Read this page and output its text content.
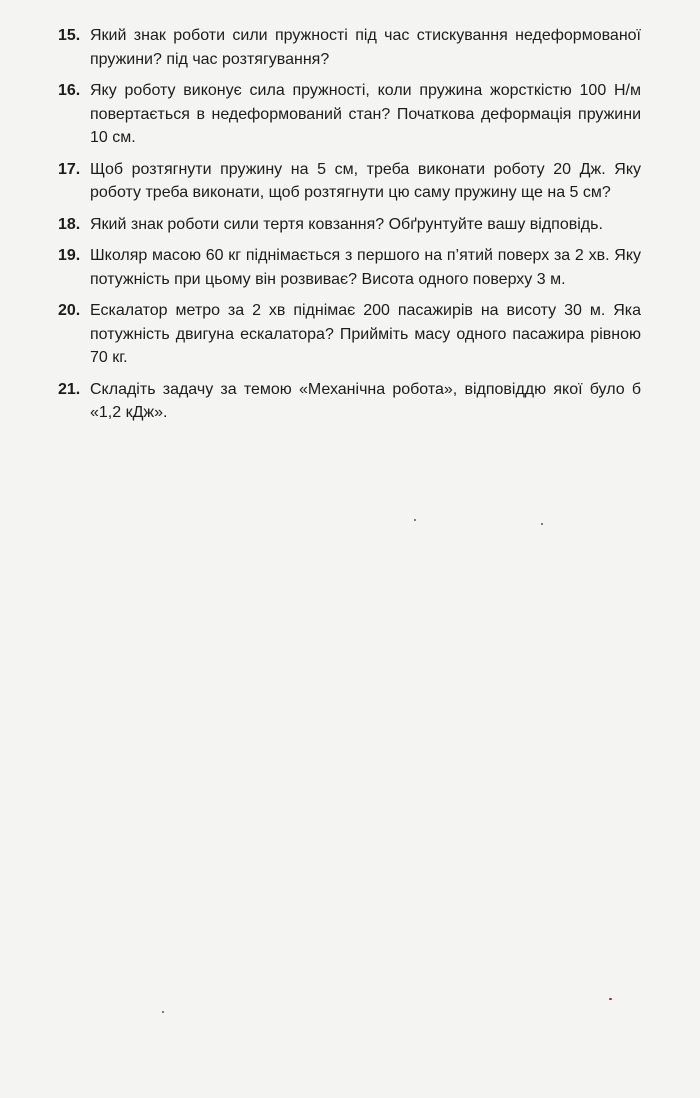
15. Який знак роботи сили пружності під час стискування недеформованої пружини? під час розтягування?
16. Яку роботу виконує сила пружності, коли пружина жорсткістю 100 Н/м повертається в недеформований стан? Початкова деформація пружини 10 см.
17. Щоб розтягнути пружину на 5 см, треба виконати роботу 20 Дж. Яку роботу треба виконати, щоб розтягнути цю саму пружину ще на 5 см?
18. Який знак роботи сили тертя ковзання? Обґрунтуйте вашу відповідь.
19. Школяр масою 60 кг піднімається з першого на п’ятий поверх за 2 хв. Яку потужність при цьому він розвиває? Висота одного поверху 3 м.
20. Ескалатор метро за 2 хв піднімає 200 пасажирів на висоту 30 м. Яка потужність двигуна ескалатора? Прийміть масу одного пасажира рівною 70 кг.
21. Складіть задачу за темою «Механічна робота», відповіддю якої було б «1,2 кДж».
